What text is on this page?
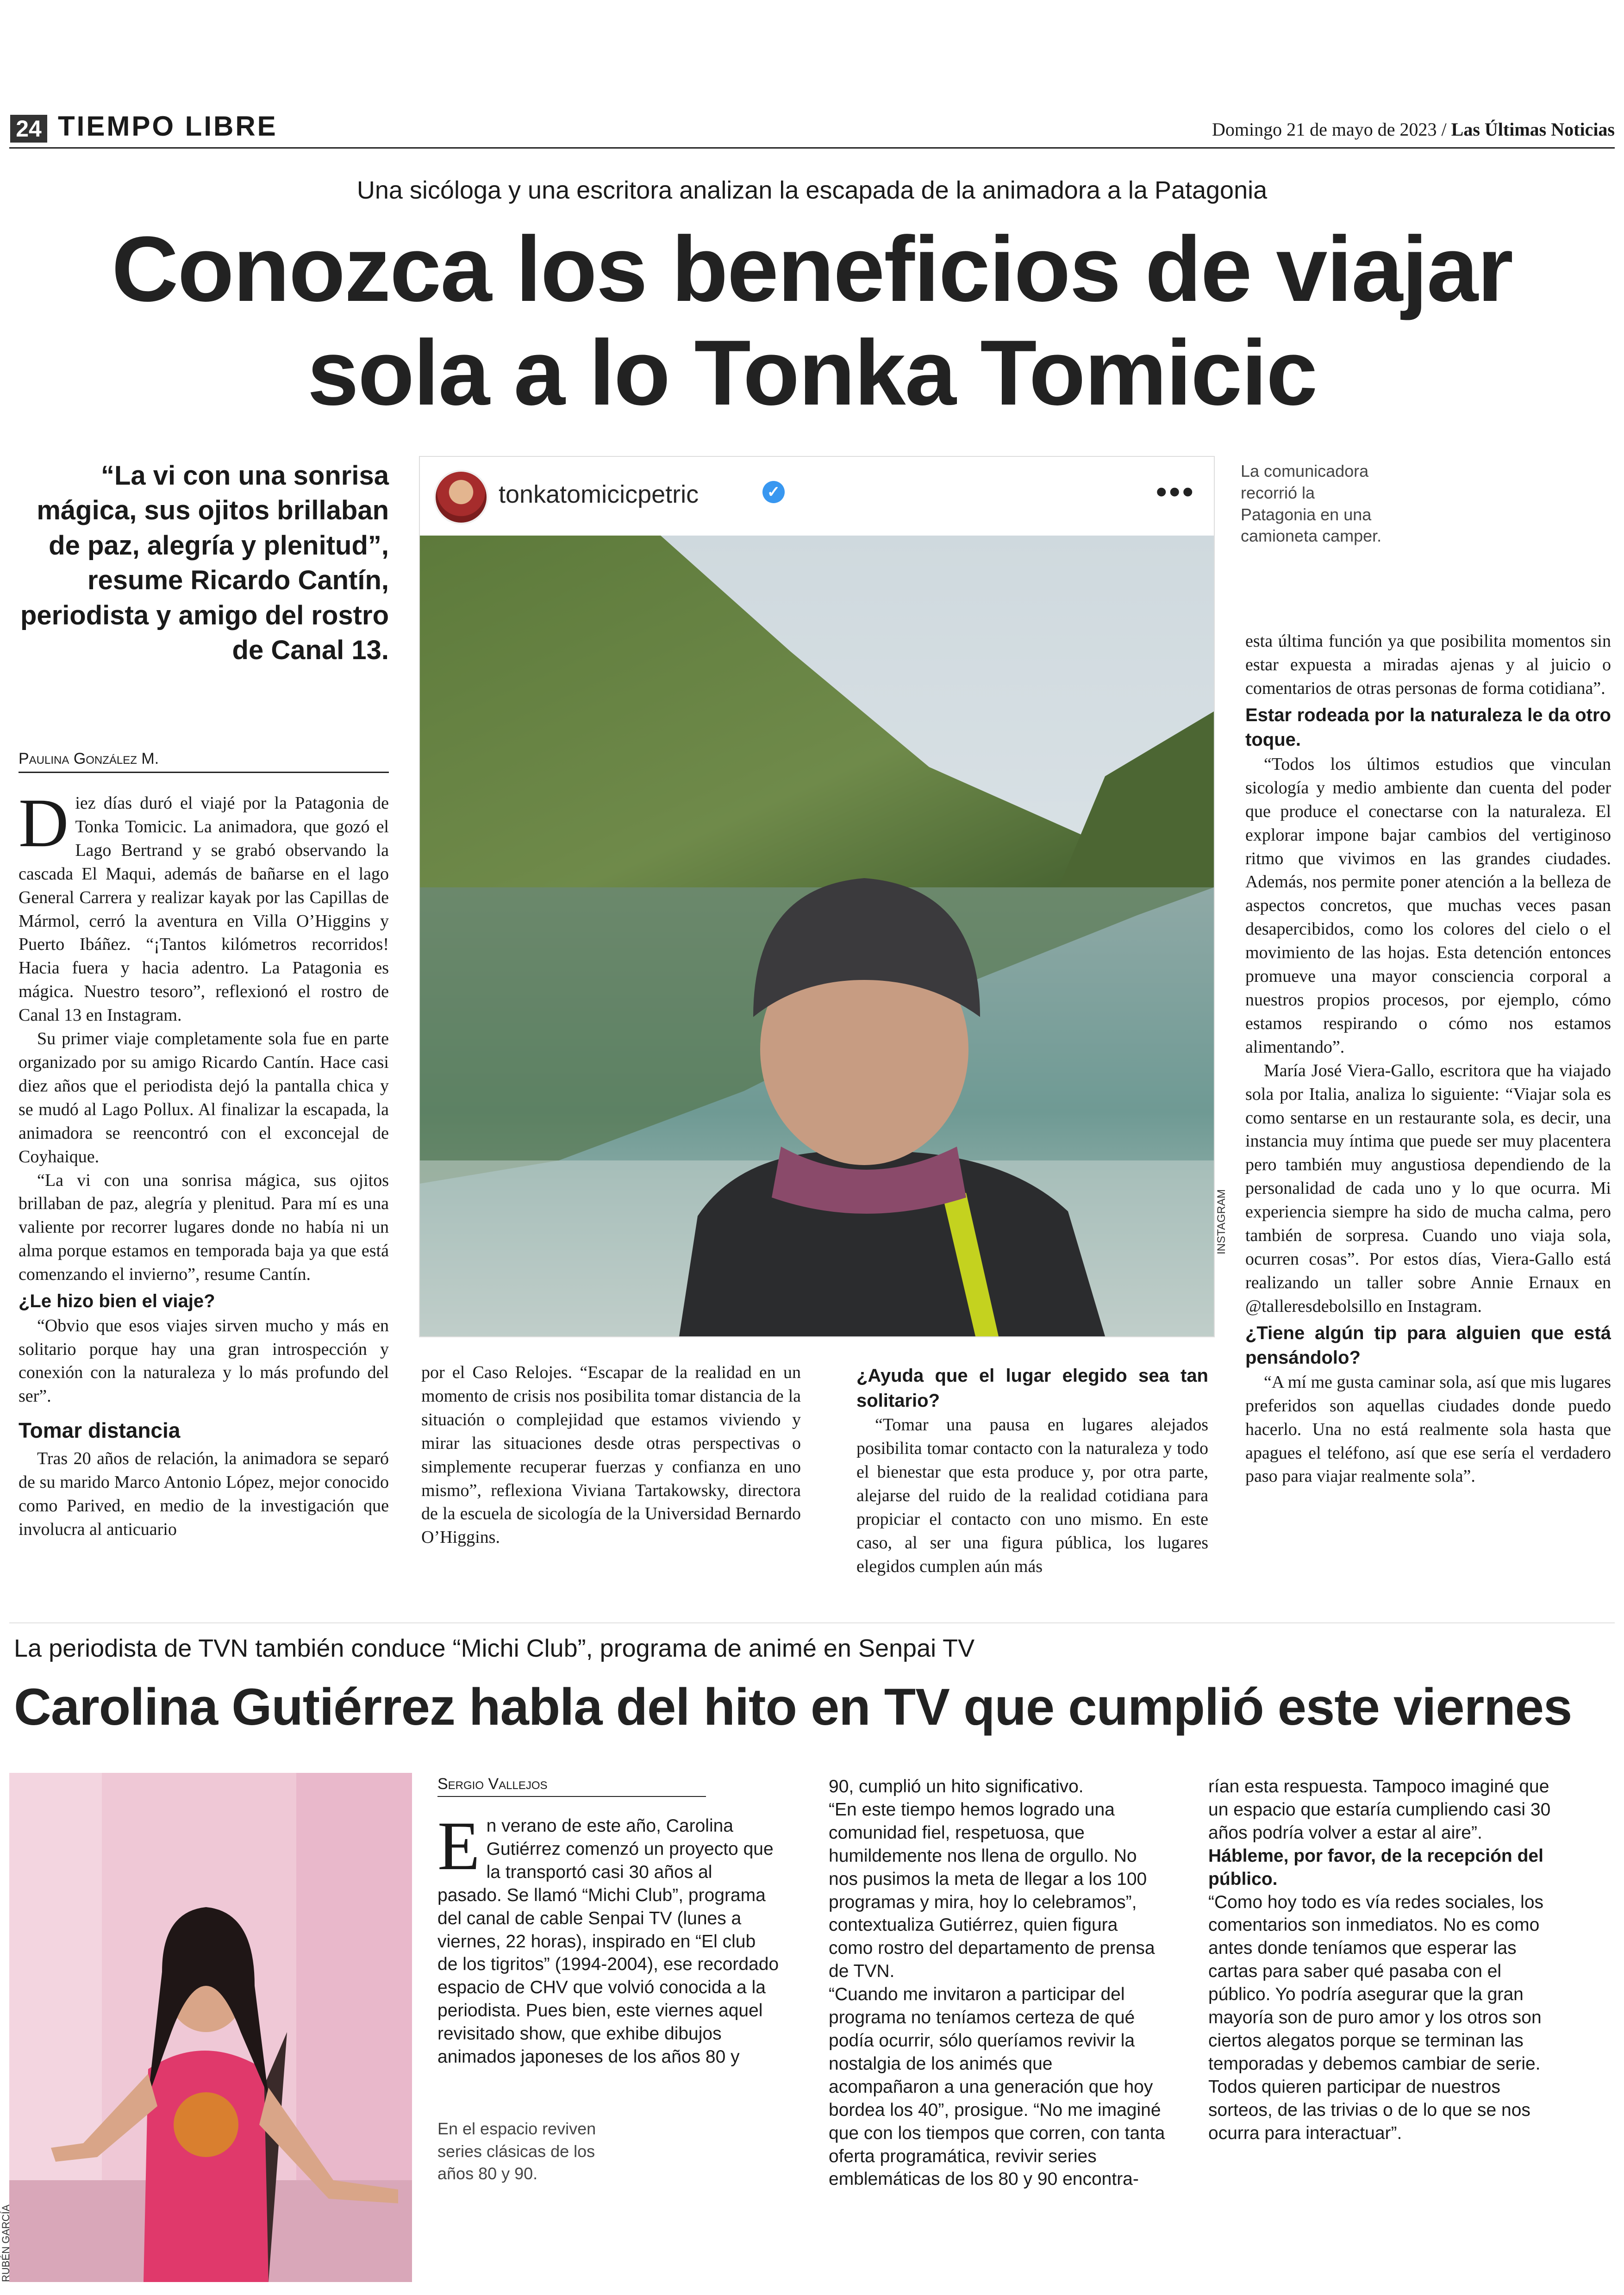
24 TIEMPO LIBRE	Domingo 21 de mayo de 2023 / Las Últimas Noticias
Una sicóloga y una escritora analizan la escapada de la animadora a la Patagonia
Conozca los beneficios de viajar
sola a lo Tonka Tomicic
“La vi con una sonrisa mágica, sus ojitos brillaban de paz, alegría y plenitud”, resume Ricardo Cantín, periodista y amigo del rostro de Canal 13.
Paulina González M.

Diez días duró el viajé por la Patagonia de Tonka Tomicic. La animadora, que gozó el Lago Bertrand y se grabó observando la cascada El Maqui, además de bañarse en el lago General Carrera y realizar kayak por las Capillas de Mármol, cerró la aventura en Villa O’Higgins y Puerto Ibáñez. “¡Tantos kilómetros recorridos! Hacia fuera y hacia adentro. La Patagonia es mágica. Nuestro tesoro”, reflexionó el rostro de Canal 13 en Instagram.

Su primer viaje completamente sola fue en parte organizado por su amigo Ricardo Cantín. Hace casi diez años que el periodista dejó la pantalla chica y se mudó al Lago Pollux. Al finalizar la escapada, la animadora se reencontró con el exconcejal de Coyhaique.

“La vi con una sonrisa mágica, sus ojitos brillaban de paz, alegría y plenitud. Para mí es una valiente por recorrer lugares donde no había ni un alma porque estamos en temporada baja ya que está comenzando el invierno”, resume Cantín.

¿Le hizo bien el viaje?

“Obvio que esos viajes sirven mucho y más en solitario porque hay una gran introspección y conexión con la naturaleza y lo más profundo del ser”.

Tomar distancia

Tras 20 años de relación, la animadora se separó de su marido Marco Antonio López, mejor conocido como Parived, en medio de la investigación que involucra al anticuario

tonkatomicicpetric	✓	•••
La comunicadora recorrió la Patagonia en una camioneta camper.
INSTAGRAM

por el Caso Relojes. “Escapar de la realidad en un momento de crisis nos posibilita tomar distancia de la situación o complejidad que estamos viviendo y mirar las situaciones desde otras perspectivas o simplemente recuperar fuerzas y confianza en uno mismo”, reflexiona Viviana Tartakowsky, directora de la escuela de sicología de la Universidad Bernardo O’Higgins.

¿Ayuda que el lugar elegido sea tan solitario?

“Tomar una pausa en lugares alejados posibilita tomar contacto con la naturaleza y todo el bienestar que esta produce y, por otra parte, alejarse del ruido de la realidad cotidiana para propiciar el contacto con uno mismo. En este caso, al ser una figura pública, los lugares elegidos cumplen aún más

esta última función ya que posibilita momentos sin estar expuesta a miradas ajenas y al juicio o comentarios de otras personas de forma cotidiana”.

Estar rodeada por la naturaleza le da otro toque.

“Todos los últimos estudios que vinculan sicología y medio ambiente dan cuenta del poder que produce el conectarse con la naturaleza. El explorar impone bajar cambios del vertiginoso ritmo que vivimos en las grandes ciudades. Además, nos permite poner atención a la belleza de aspectos concretos, que muchas veces pasan desapercibidos, como los colores del cielo o el movimiento de las hojas. Esta detención entonces promueve una mayor consciencia corporal a nuestros propios procesos, por ejemplo, cómo estamos respirando o cómo nos estamos alimentando”.

María José Viera-Gallo, escritora que ha viajado sola por Italia, analiza lo siguiente: “Viajar sola es como sentarse en un restaurante sola, es decir, una instancia muy íntima que puede ser muy placentera pero también muy angustiosa dependiendo de la personalidad de cada uno y lo que ocurra. Mi experiencia siempre ha sido de mucha calma, pero también de sorpresa. Cuando uno viaja sola, ocurren cosas”. Por estos días, Viera-Gallo está realizando un taller sobre Annie Ernaux en @talleresdebolsillo en Instagram.

¿Tiene algún tip para alguien que está pensándolo?

“A mí me gusta caminar sola, así que mis lugares preferidos son aquellas ciudades donde puedo hacerlo. Una no está realmente sola hasta que apagues el teléfono, así que ese sería el verdadero paso para viajar realmente sola”.

La periodista de TVN también conduce “Michi Club”, programa de animé en Senpai TV
Carolina Gutiérrez habla del hito en TV que cumplió este viernes
RUBÉN GARCÍA
Sergio Vallejos

En verano de este año, Carolina Gutiérrez comenzó un proyecto que la transportó casi 30 años al pasado. Se llamó “Michi Club”, programa del canal de cable Senpai TV (lunes a viernes, 22 horas), inspirado en “El club de los tigritos” (1994-2004), ese recordado espacio de CHV que volvió conocida a la periodista. Pues bien, este viernes aquel revisitado show, que exhibe dibujos animados japoneses de los años 80 y

En el espacio reviven series clásicas de los años 80 y 90.

90, cumplió un hito significativo.

“En este tiempo hemos logrado una comunidad fiel, respetuosa, que humildemente nos llena de orgullo. No nos pusimos la meta de llegar a los 100 programas y mira, hoy lo celebramos”, contextualiza Gutiérrez, quien figura como rostro del departamento de prensa de TVN.

“Cuando me invitaron a participar del programa no teníamos certeza de qué podía ocurrir, sólo queríamos revivir la nostalgia de los animés que acompañaron a una generación que hoy bordea los 40”, prosigue. “No me imaginé que con los tiempos que corren, con tanta oferta programática, revivir series emblemáticas de los 80 y 90 encontra-

rían esta respuesta. Tampoco imaginé que un espacio que estaría cumpliendo casi 30 años podría volver a estar al aire”.

Hábleme, por favor, de la recepción del público.

“Como hoy todo es vía redes sociales, los comentarios son inmediatos. No es como antes donde teníamos que esperar las cartas para saber qué pasaba con el público. Yo podría asegurar que la gran mayoría son de puro amor y los otros son ciertos alegatos porque se terminan las temporadas y debemos cambiar de serie. Todos quieren participar de nuestros sorteos, de las trivias o de lo que se nos ocurra para interactuar”.
